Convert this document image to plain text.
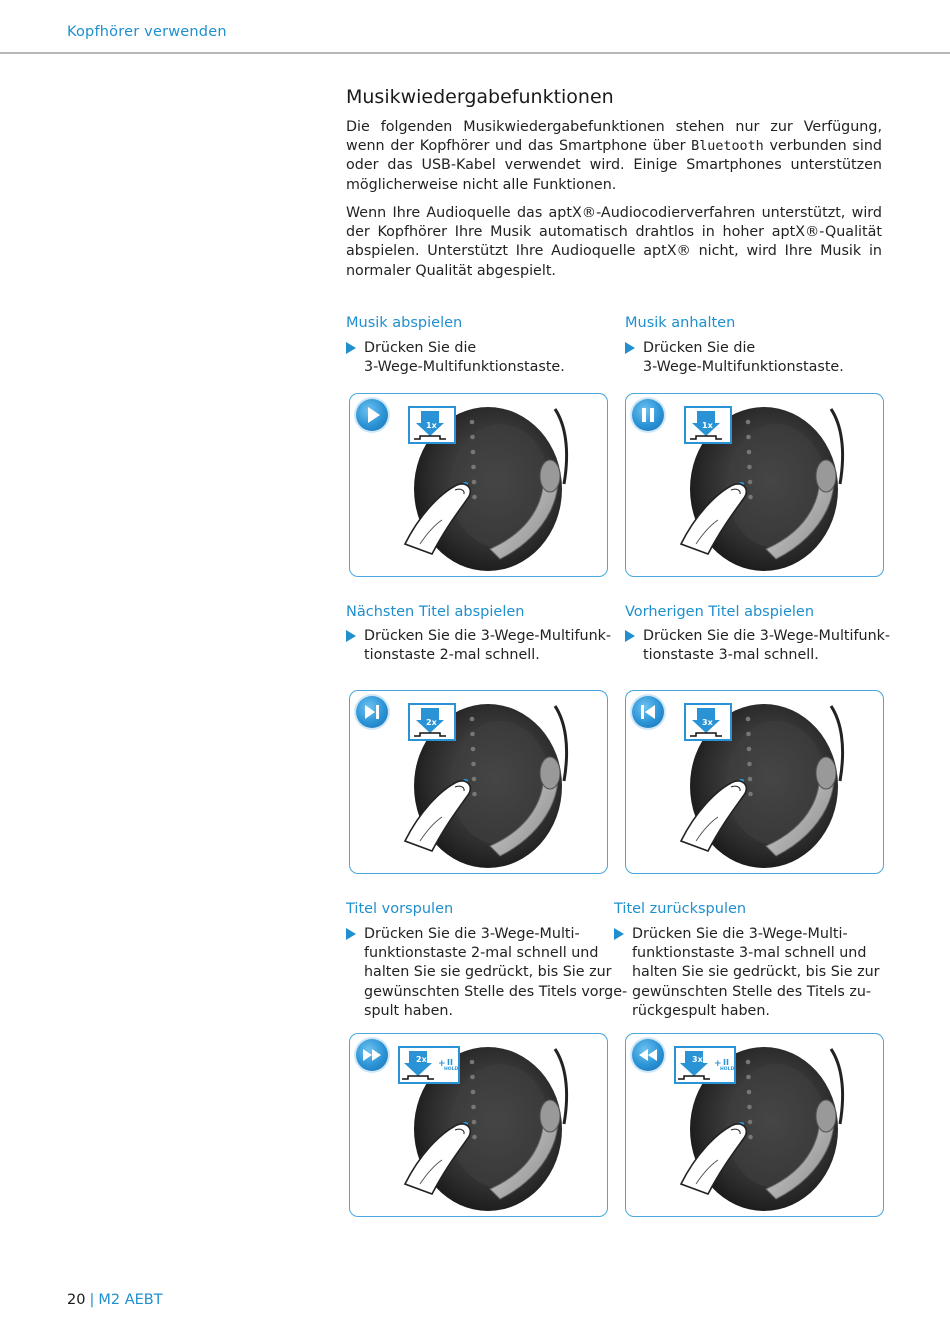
Kopfhörer verwenden
Musikwiedergabefunktionen
Die folgenden Musikwiedergabefunktionen stehen nur zur Verfügung, wenn der Kopfhörer und das Smartphone über Bluetooth verbunden sind oder das USB-Kabel verwendet wird. Einige Smartphones unterstützen möglicherweise nicht alle Funktionen.
Wenn Ihre Audioquelle das aptX®-Audiocodierverfahren unterstützt, wird der Kopfhörer Ihre Musik automatisch drahtlos in hoher aptX®-Qualität abspielen. Unterstützt Ihre Audioquelle aptX® nicht, wird Ihre Musik in normaler Qualität abgespielt.
Musik abspielen
Drücken Sie die
3-Wege-Multifunktionstaste.
1x
Musik anhalten
Drücken Sie die
3-Wege-Multifunktionstaste.
1x
Nächsten Titel abspielen
Drücken Sie die 3-Wege-Multifunk-
tionstaste 2-mal schnell.
2x
Vorherigen Titel abspielen
Drücken Sie die 3-Wege-Multifunk-
tionstaste 3-mal schnell.
3x
Titel vorspulen
Drücken Sie die 3-Wege-Multi-
funktionstaste 2-mal schnell und
halten Sie sie gedrückt, bis Sie zur
gewünschten Stelle des Titels vorge-
spult haben.
2x + II
HOLD
Titel zurückspulen
Drücken Sie die 3-Wege-Multi-
funktionstaste 3-mal schnell und
halten Sie sie gedrückt, bis Sie zur
gewünschten Stelle des Titels zu-
rückgespult haben.
3x + II
HOLD
20 | M2 AEBT
